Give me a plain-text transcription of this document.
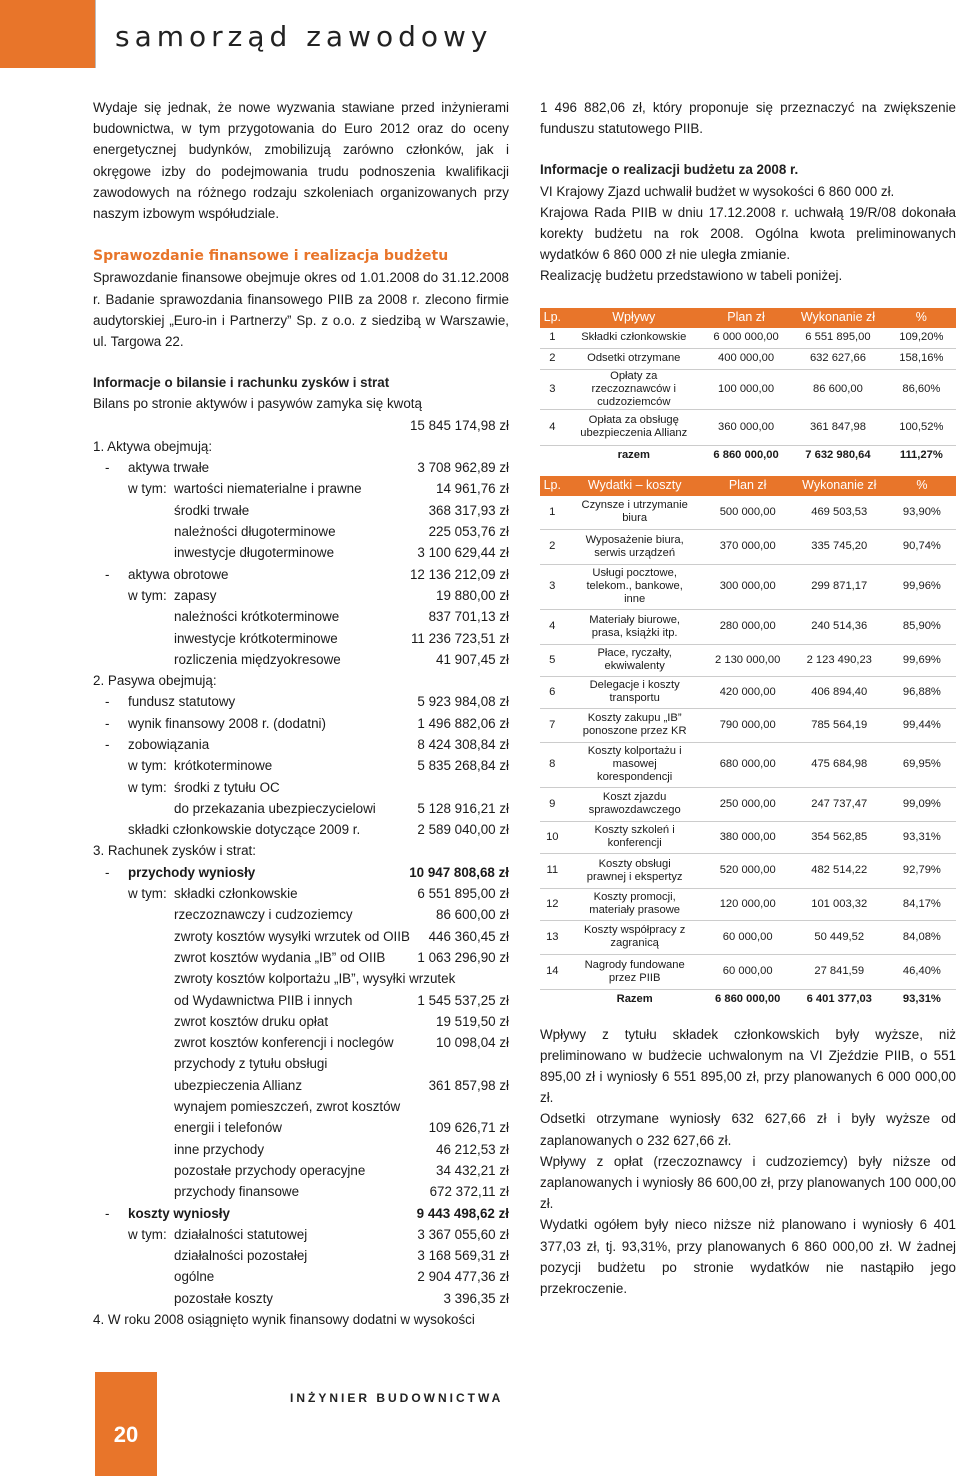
samorząd zawodowy

Wydaje się jednak, że nowe wyzwania stawiane przed inżynierami budownictwa, w tym przygotowania do Euro 2012 oraz do oceny energetycznej budynków, zmobilizują zarówno członków, jak i okręgowe izby do podejmowania trudu podnoszenia kwalifikacji zawodowych na różnego rodzaju szkoleniach organizowanych przy naszym izbowym współudziale.

Sprawozdanie finansowe i realizacja budżetu

Sprawozdanie finansowe obejmuje okres od 1.01.2008 do 31.12.2008 r. Badanie sprawozdania finansowego PIIB za 2008 r. zlecono firmie audytorskiej „Euro-in i Partnerzy” Sp. z o.o. z siedzibą w Warszawie, ul. Targowa 22.

Informacje o bilansie i rachunku zysków i strat

Bilans po stronie aktywów i pasywów zamyka się kwotą

15 845 174,98 zł

1. Aktywa obejmują:
- aktywa trwałe	3 708 962,89 zł
w tym: wartości niematerialne i prawne	14 961,76 zł
środki trwałe	368 317,93 zł
należności długoterminowe	225 053,76 zł
inwestycje długoterminowe	3 100 629,44 zł
- aktywa obrotowe	12 136 212,09 zł
w tym: zapasy	19 880,00 zł
należności krótkoterminowe	837 701,13 zł
inwestycje krótkoterminowe	11 236 723,51 zł
rozliczenia międzyokresowe	41 907,45 zł
2. Pasywa obejmują:
- fundusz statutowy	5 923 984,08 zł
- wynik finansowy 2008 r. (dodatni)	1 496 882,06 zł
- zobowiązania	8 424 308,84 zł
w tym: krótkoterminowe	5 835 268,84 zł
w tym: środki z tytułu OC
do przekazania ubezpieczycielowi	5 128 916,21 zł
składki członkowskie dotyczące 2009 r.	2 589 040,00 zł
3. Rachunek zysków i strat:
- przychody wyniosły	10 947 808,68 zł
w tym: składki członkowskie	6 551 895,00 zł
rzeczoznawczy i cudzoziemcy	86 600,00 zł
zwroty kosztów wysyłki wrzutek od OIIB 446 360,45 zł
zwrot kosztów wydania „IB” od OIIB 1 063 296,90 zł
zwroty kosztów kolportażu „IB”, wysyłki wrzutek
od Wydawnictwa PIIB i innych	1 545 537,25 zł
zwrot kosztów druku opłat	19 519,50 zł
zwrot kosztów konferencji i noclegów	10 098,04 zł
przychody z tytułu obsługi
ubezpieczenia Allianz	361 857,98 zł
wynajem pomieszczeń, zwrot kosztów
energii i telefonów	109 626,71 zł
inne przychody	46 212,53 zł
pozostałe przychody operacyjne	34 432,21 zł
przychody finansowe	672 372,11 zł
- koszty wyniosły	9 443 498,62 zł
w tym: działalności statutowej	3 367 055,60 zł
działalności pozostałej	3 168 569,31 zł
ogólne	2 904 477,36 zł
pozostałe koszty	3 396,35 zł
4. W roku 2008 osiągnięto wynik finansowy dodatni w wysokości

1 496 882,06 zł, który proponuje się przeznaczyć na zwiększenie funduszu statutowego PIIB.

Informacje o realizacji budżetu za 2008 r.

VI Krajowy Zjazd uchwalił budżet w wysokości 6 860 000 zł.

Krajowa Rada PIIB w dniu 17.12.2008 r. uchwałą 19/R/08 dokonała korekty budżetu na rok 2008. Ogólna kwota preliminowanych wydatków 6 860 000 zł nie uległa zmianie.

Realizację budżetu przedstawiono w tabeli poniżej.

Lp.	Wpływy	Plan zł	Wykonanie zł	%
1	Składki członkowskie	6 000 000,00	6 551 895,00	109,20%
2	Odsetki otrzymane	400 000,00	632 627,66	158,16%
3	Opłaty za rzeczoznawców i cudzoziemców	100 000,00	86 600,00	86,60%
4	Opłata za obsługę ubezpieczenia Allianz	360 000,00	361 847,98	100,52%
	razem	6 860 000,00	7 632 980,64	111,27%
Lp.	Wydatki – koszty	Plan zł	Wykonanie zł	%
1	Czynsze i utrzymanie biura	500 000,00	469 503,53	93,90%
2	Wyposażenie biura, serwis urządzeń	370 000,00	335 745,20	90,74%
3	Usługi pocztowe, telekom., bankowe, inne	300 000,00	299 871,17	99,96%
4	Materiały biurowe, prasa, książki itp.	280 000,00	240 514,36	85,90%
5	Płace, ryczałty, ekwiwalenty	2 130 000,00	2 123 490,23	99,69%
6	Delegacje i koszty transportu	420 000,00	406 894,40	96,88%
7	Koszty zakupu „IB” ponoszone przez KR	790 000,00	785 564,19	99,44%
8	Koszty kolportażu i masowej korespondencji	680 000,00	475 684,98	69,95%
9	Koszt zjazdu sprawozdawczego	250 000,00	247 737,47	99,09%
10	Koszty szkoleń i konferencji	380 000,00	354 562,85	93,31%
11	Koszty obsługi prawnej i ekspertyz	520 000,00	482 514,22	92,79%
12	Koszty promocji, materiały prasowe	120 000,00	101 003,32	84,17%
13	Koszty współpracy z zagranicą	60 000,00	50 449,52	84,08%
14	Nagrody fundowane przez PIIB	60 000,00	27 841,59	46,40%
	Razem	6 860 000,00	6 401 377,03	93,31%

Wpływy z tytułu składek członkowskich były wyższe, niż preliminowano w budżecie uchwalonym na VI Zjeździe PIIB, o 551 895,00 zł i wyniosły 6 551 895,00 zł, przy planowanych 6 000 000,00 zł.

Odsetki otrzymane wyniosły 632 627,66 zł i były wyższe od zaplanowanych o 232 627,66 zł.

Wpływy z opłat (rzeczoznawcy i cudzoziemcy) były niższe od zaplanowanych i wyniosły 86 600,00 zł, przy planowanych 100 000,00 zł.

Wydatki ogółem były nieco niższe niż planowano i wyniosły 6 401 377,03 zł, tj. 93,31%, przy planowanych 6 860 000,00 zł. W żadnej pozycji budżetu po stronie wydatków nie nastąpiło jego przekroczenie.

20
INŻYNIER BUDOWNICTWA
